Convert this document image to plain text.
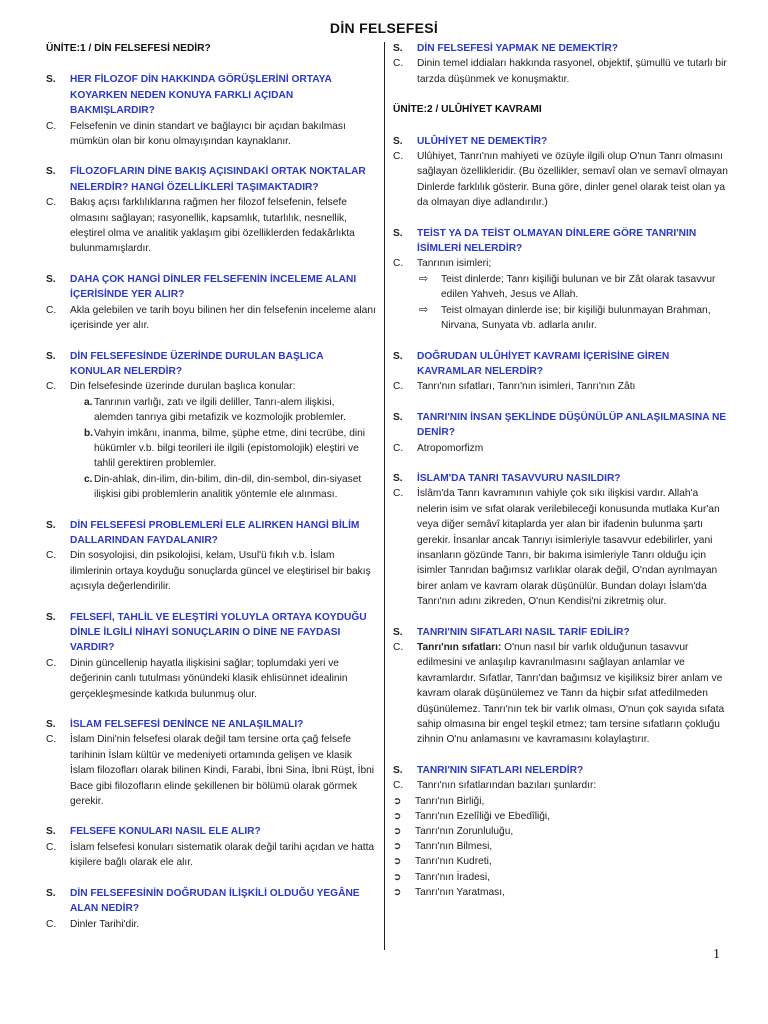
DİN FELSEFESİ
ÜNİTE:1 / DİN FELSEFESİ NEDİR?
S.	HER FİLOZOF DİN HAKKINDA GÖRÜŞLERİNİ ORTAYA KOYARKEN NEDEN KONUYA FARKLI AÇIDAN BAKMIŞLARDIR?
C.	Felsefenin ve dinin standart ve bağlayıcı bir açıdan bakılması mümkün olan bir konu olmayışından kaynaklanır.
S.	FİLOZOFLARIN DİNE BAKIŞ AÇISINDAKİ ORTAK NOKTALAR NELERDİR? HANGİ ÖZELLİKLERİ TAŞIMAKTADIR?
C.	Bakış açısı farklılıklarına rağmen her filozof felsefenin, felsefe olmasını sağlayan; rasyonellik, kapsamlık, tutarlılık, nesnellik, eleştirel olma ve analitik yaklaşım gibi özelliklerden fedakârlıkta bulunmamışlardır.
S.	DAHA ÇOK HANGİ DİNLER FELSEFENİN İNCELEME ALANI İÇERİSİNDE YER ALIR?
C.	Akla gelebilen ve tarih boyu bilinen her din felsefenin inceleme alanı içerisinde yer alır.
S.	DİN FELSEFESİNDE ÜZERİNDE DURULAN BAŞLICA KONULAR NELERDİR?
C.	Din felsefesinde üzerinde durulan başlıca konular:
a. Tanrının varlığı, zatı ve ilgili deliller, Tanrı-alem ilişkisi, alemden tanrıya gibi metafizik ve kozmolojik problemler.
b. Vahyin imkânı, inanma, bilme, şüphe etme, dini tecrübe, dini hükümler v.b. bilgi teorileri ile ilgili (epistomolojik) eleştiri ve tahlil gerektiren problemler.
c. Din-ahlak, din-ilim, din-bilim, din-dil, din-sembol, din-siyaset ilişkisi gibi problemlerin analitik yöntemle ele alınması.
S.	DİN FELSEFESİ PROBLEMLERİ ELE ALIRKEN HANGİ BİLİM DALLARINDAN FAYDALANIR?
C.	Din sosyolojisi, din psikolojisi, kelam, Usul'ü fıkıh v.b. İslam ilimlerinin ortaya koyduğu sonuçlarda güncel ve eleştirisel bir bakış açısıyla değerlendirilir.
S.	FELSEFİ, TAHLİL VE ELEŞTİRİ YOLUYLA ORTAYA KOYDUĞU DİNLE İLGİLİ NİHAYİ SONUÇLARIN O DİNE NE FAYDASI VARDIR?
C.	Dinin güncellenip hayatla ilişkisini sağlar; toplumdaki yeri ve değerinin canlı tutulması yönündeki klasik ehlisünnet idealinin gerçekleşmesinde katkıda bulunmuş olur.
S.	İSLAM FELSEFESİ DENİNCE NE ANLAŞILMALI?
C.	İslam Dini'nin felsefesi olarak değil tam tersine orta çağ felsefe tarihinin İslam kültür ve medeniyeti ortamında gelişen ve klasik İslam filozofları olarak bilinen Kindi, Farabi, İbni Sina, İbni Rüşt, İbni Bace gibi filozofların elinde şekillenen bir bölümü olarak görmek gerekir.
S.	FELSEFE KONULARI NASIL ELE ALIR?
C.	İslam felsefesi konuları sistematik olarak değil tarihi açıdan ve hatta kişilere bağlı olarak ele alır.
S.	DİN FELSEFESİNİN DOĞRUDAN İLİŞKİLİ OLDUĞU YEGÂNE ALAN NEDİR?
C.	Dinler Tarihi'dir.
S.	DİN FELSEFESİ YAPMAK NE DEMEKTİR?
C.	Dinin temel iddiaları hakkında rasyonel, objektif, şümullü ve tutarlı bir tarzda düşünmek ve konuşmaktır.
ÜNİTE:2 / ULÛHİYET KAVRAMI
S.	ULÛHİYET NE DEMEKTİR?
C.	Ulûhiyet, Tanrı'nın mahiyeti ve özüyle ilgili olup O'nun Tanrı olmasını sağlayan özellikleridir. (Bu özellikler, semavî olan ve semavî olmayan Dinlerde farklılık gösterir. Buna göre, dinler genel olarak teist olan ya da olmayan diye adlandırılır.)
S.	TEİST YA DA TEİST OLMAYAN DİNLERE GÖRE TANRI'NIN İSİMLERİ NELERDİR?
C.	Tanrının isimleri;
⇨	Teist dinlerde; Tanrı kişiliği bulunan ve bir Zât olarak tasavvur edilen Yahveh, Jesus ve Allah.
⇨	Teist olmayan dinlerde ise; bir kişiliği bulunmayan Brahman, Nirvana, Sunyata vb. adlarla anılır.
S.	DOĞRUDAN ULÛHİYET KAVRAMI İÇERİSİNE GİREN KAVRAMLAR NELERDİR?
C.	Tanrı'nın sıfatları, Tanrı'nın isimleri, Tanrı'nın Zâtı
S.	TANRI'NIN İNSAN ŞEKLİNDE DÜŞÜNÜLÜP ANLAŞILMASINA NE DENİR?
C.	Atropomorfizm
S.	İSLAM'DA TANRI TASAVVURU NASILDIR?
C.	İslâm'da Tanrı kavramının vahiyle çok sıkı ilişkisi vardır. Allah'a nelerin isim ve sıfat olarak verilebileceği konusunda mutlaka Kur'an veya diğer semâvî kitaplarda yer alan bir ifadenin bulunma şartı gerekir. İnsanlar ancak Tanrıyı isimleriyle tasavvur edebilirler, yani insanların gözünde Tanrı, bir bakıma isimleriyle Tanrı olduğu için isimler Tanrıdan bağımsız varlıklar olarak değil, O'ndan ayrılmayan birer anlam ve kavram olarak düşünülür. Bundan dolayı İslam'da Tanrı'nın adını zikreden, O'nun Kendisi'ni zikretmiş olur.
S.	TANRI'NIN SIFATLARI NASIL TARİF EDİLİR?
C.	Tanrı'nın sıfatları: O'nun nasıl bir varlık olduğunun tasavvur edilmesini ve anlaşılıp kavranılmasını sağlayan anlamlar ve kavramlardır. Sıfatlar, Tanrı'dan bağımsız ve kişiliksiz birer anlam ve kavram olarak düşünülemez ve Tanrı da hiçbir sıfat atfedilmeden düşünülemez. Tanrı'nın tek bir varlık olması, O'nun çok sayıda sıfata sahip olmasına bir engel teşkil etmez; tam tersine sıfatların çokluğu zihnin O'nu anlamasını ve kavramasını kolaylaştırır.
S.	TANRI'NIN SIFATLARI NELERDİR?
C.	Tanrı'nın sıfatlarından bazıları şunlardır:
➲	Tanrı'nın Birliği,
➲	Tanrı'nın Ezelîliği ve Ebedîliği,
➲	Tanrı'nın Zorunluluğu,
➲	Tanrı'nın Bilmesi,
➲	Tanrı'nın Kudreti,
➲	Tanrı'nın İradesi,
➲	Tanrı'nın Yaratması,
1
